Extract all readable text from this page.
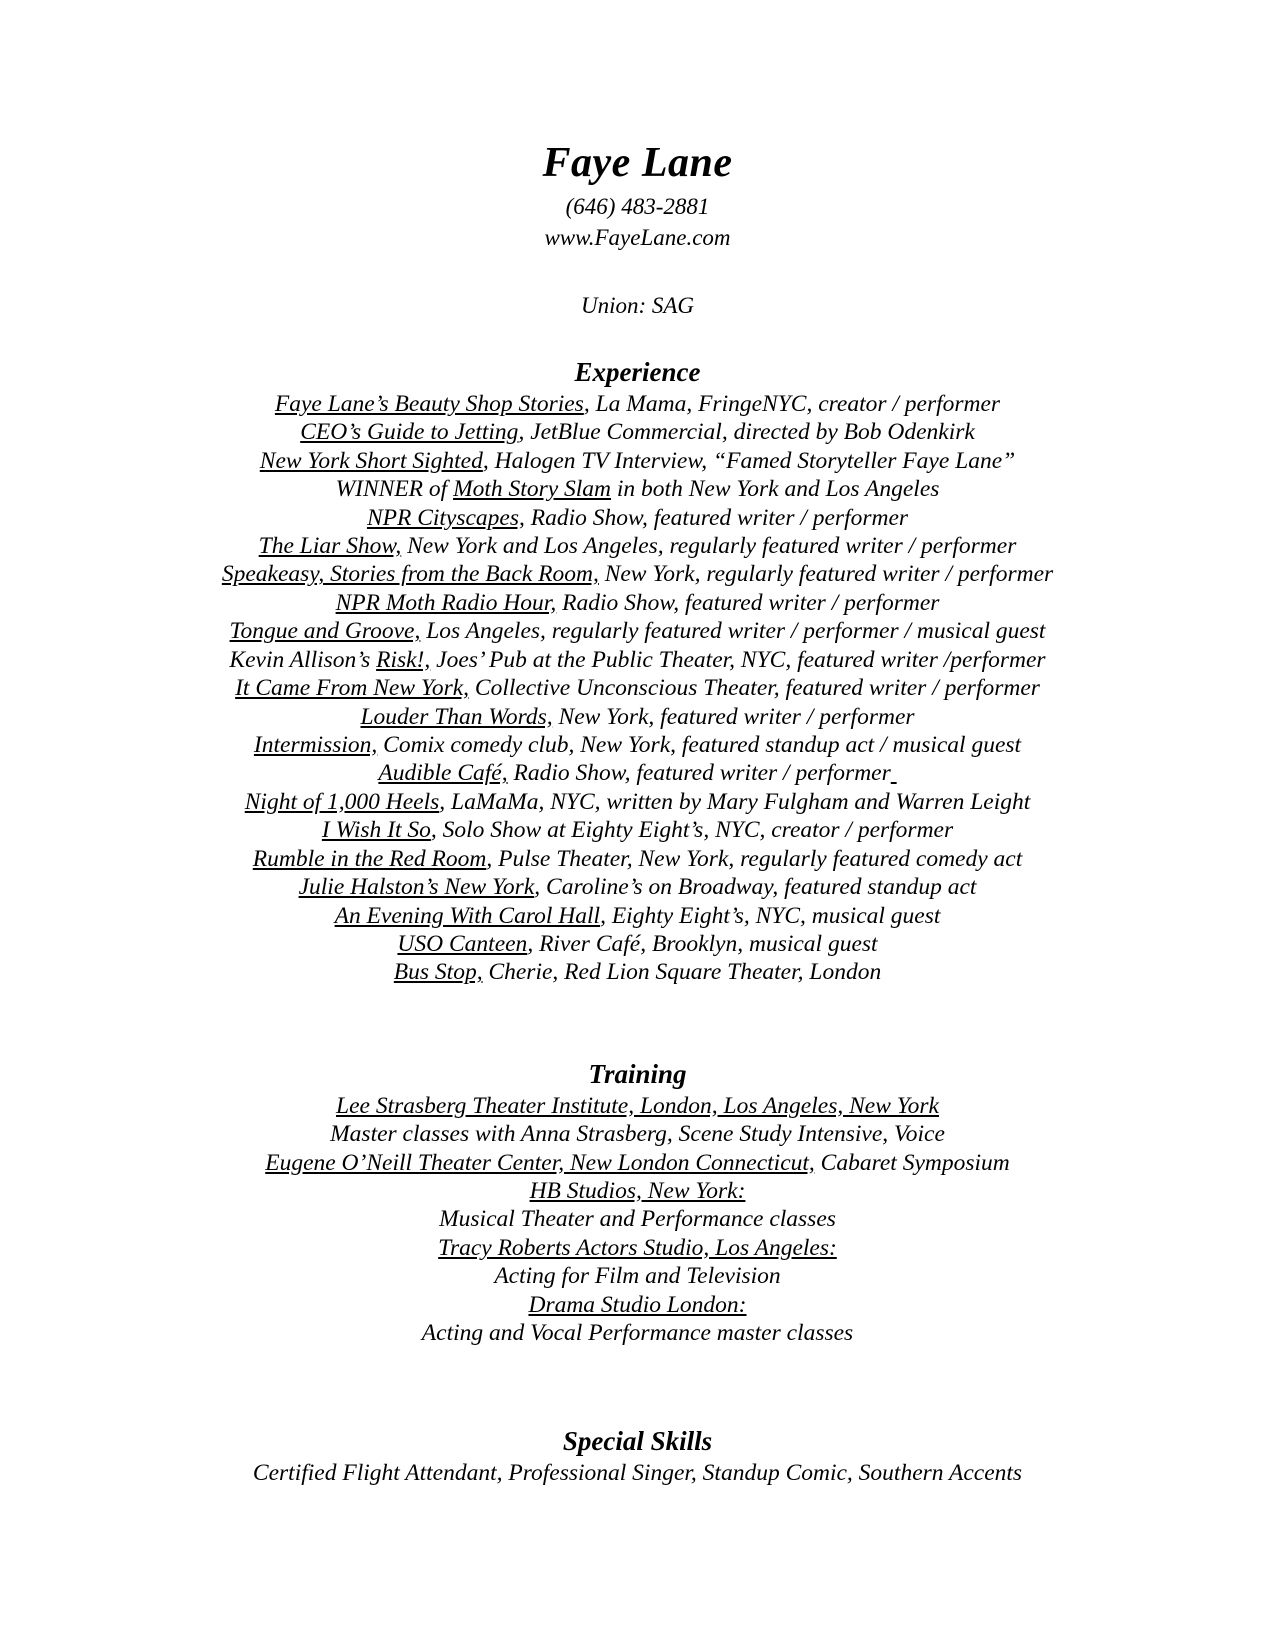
Faye Lane

(646) 483-2881

www.FayeLane.com

Union: SAG

Experience

Faye Lane’s Beauty Shop Stories, La Mama, FringeNYC, creator / performer

CEO’s Guide to Jetting, JetBlue Commercial, directed by Bob Odenkirk

New York Short Sighted, Halogen TV Interview, “Famed Storyteller Faye Lane”

WINNER of Moth Story Slam in both New York and Los Angeles

NPR Cityscapes, Radio Show, featured writer / performer

The Liar Show, New York and Los Angeles, regularly featured writer / performer

Speakeasy, Stories from the Back Room, New York, regularly featured writer / performer

NPR Moth Radio Hour, Radio Show, featured writer / performer

Tongue and Groove, Los Angeles, regularly featured writer / performer / musical guest

Kevin Allison’s Risk!, Joes’ Pub at the Public Theater, NYC, featured writer /performer

It Came From New York, Collective Unconscious Theater, featured writer / performer

Louder Than Words, New York, featured writer / performer

Intermission, Comix comedy club, New York, featured standup act / musical guest

Audible Café, Radio Show, featured writer / performer

Night of 1,000 Heels, LaMaMa, NYC, written by Mary Fulgham and Warren Leight

I Wish It So, Solo Show at Eighty Eight’s, NYC, creator / performer

Rumble in the Red Room, Pulse Theater, New York, regularly featured comedy act

Julie Halston’s New York, Caroline’s on Broadway, featured standup act

An Evening With Carol Hall, Eighty Eight’s, NYC, musical guest

USO Canteen, River Café, Brooklyn, musical guest

Bus Stop, Cherie, Red Lion Square Theater, London

Training

Lee Strasberg Theater Institute, London, Los Angeles, New York

Master classes with Anna Strasberg, Scene Study Intensive, Voice

Eugene O’Neill Theater Center, New London Connecticut, Cabaret Symposium

HB Studios, New York:

Musical Theater and Performance classes

Tracy Roberts Actors Studio, Los Angeles:

Acting for Film and Television

Drama Studio London:

Acting and Vocal Performance master classes

Special Skills

Certified Flight Attendant, Professional Singer, Standup Comic, Southern Accents
